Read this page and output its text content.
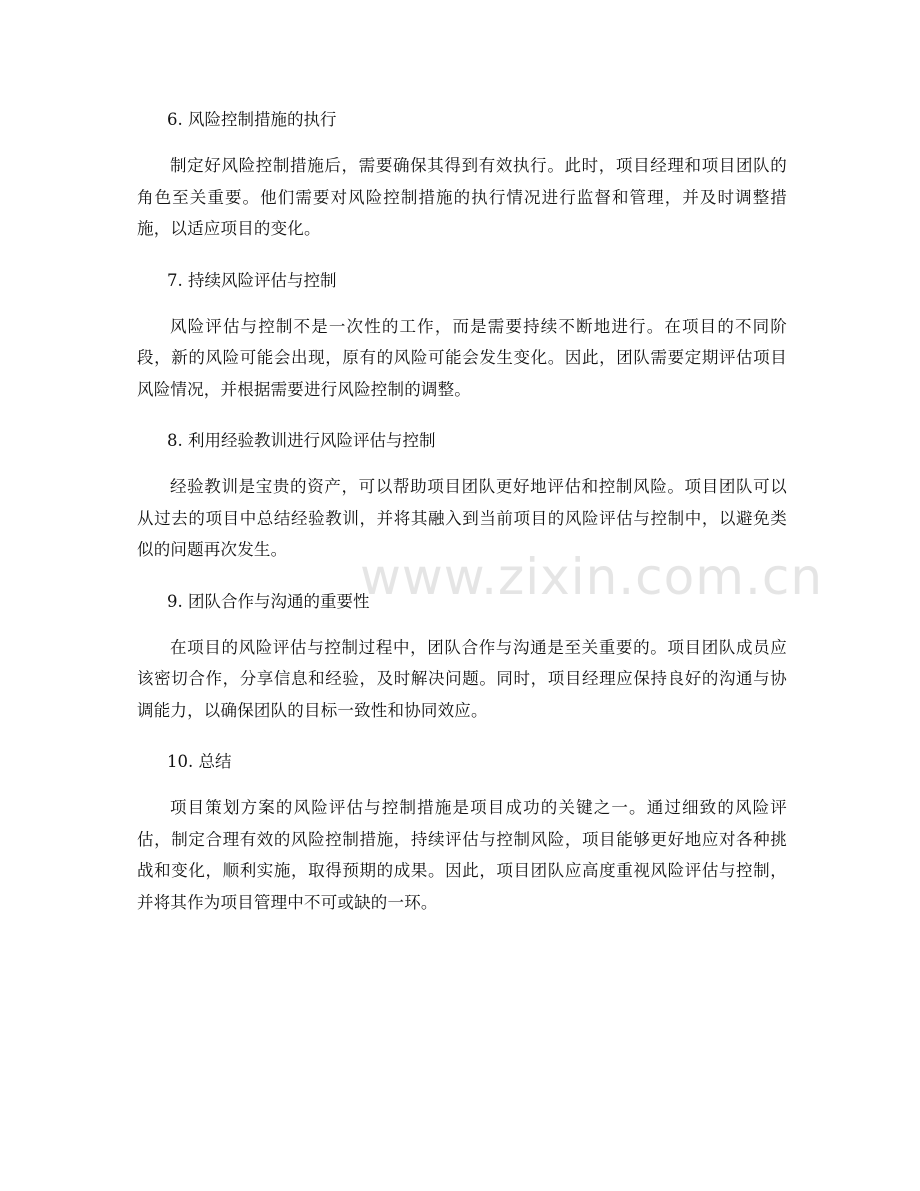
6. 风险控制措施的执行

制定好风险控制措施后，需要确保其得到有效执行。此时，项目经理和项目团队的角色至关重要。他们需要对风险控制措施的执行情况进行监督和管理，并及时调整措施，以适应项目的变化。

7. 持续风险评估与控制

风险评估与控制不是一次性的工作，而是需要持续不断地进行。在项目的不同阶段，新的风险可能会出现，原有的风险可能会发生变化。因此，团队需要定期评估项目风险情况，并根据需要进行风险控制的调整。

8. 利用经验教训进行风险评估与控制

经验教训是宝贵的资产，可以帮助项目团队更好地评估和控制风险。项目团队可以从过去的项目中总结经验教训，并将其融入到当前项目的风险评估与控制中，以避免类似的问题再次发生。

9. 团队合作与沟通的重要性

在项目的风险评估与控制过程中，团队合作与沟通是至关重要的。项目团队成员应该密切合作，分享信息和经验，及时解决问题。同时，项目经理应保持良好的沟通与协调能力，以确保团队的目标一致性和协同效应。

10. 总结

项目策划方案的风险评估与控制措施是项目成功的关键之一。通过细致的风险评估，制定合理有效的风险控制措施，持续评估与控制风险，项目能够更好地应对各种挑战和变化，顺利实施，取得预期的成果。因此，项目团队应高度重视风险评估与控制，并将其作为项目管理中不可或缺的一环。

www.zixin.com.cn
